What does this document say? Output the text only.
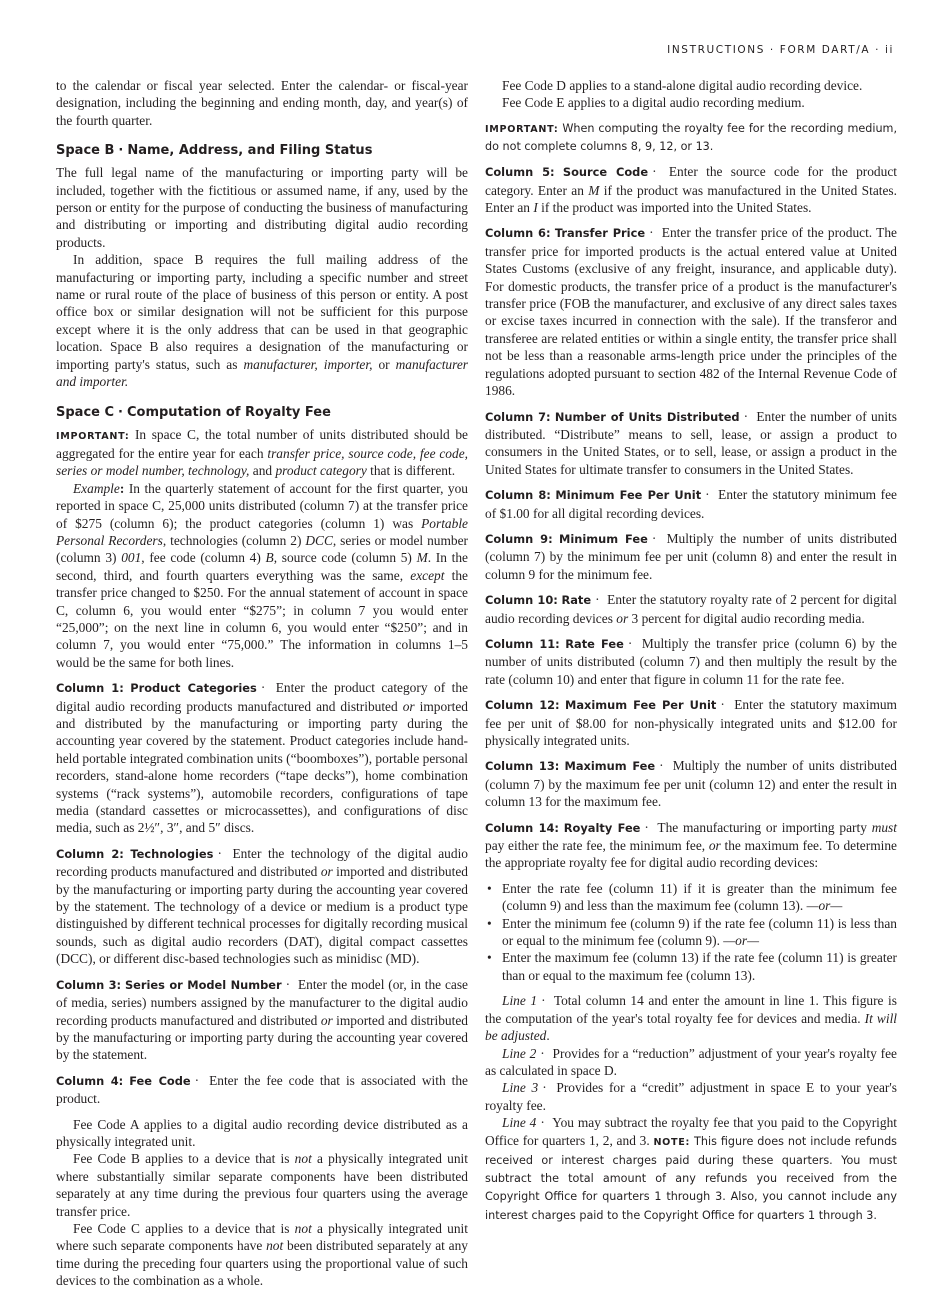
INSTRUCTIONS · FORM DART/A · ii

to the calendar or fiscal year selected. Enter the calendar- or fiscal-year designation, including the beginning and ending month, day, and year(s) of the fourth quarter.

Space B · Name, Address, and Filing Status

The full legal name of the manufacturing or importing party will be included, together with the fictitious or assumed name, if any, used by the person or entity for the purpose of conducting the business of manufacturing and distributing or importing and distributing digital audio recording products.

In addition, space B requires the full mailing address of the manufacturing or importing party, including a specific number and street name or rural route of the place of business of this person or entity. A post office box or similar designation will not be sufficient for this purpose except where it is the only address that can be used in that geographic location. Space B also requires a designation of the manufacturing or importing party's status, such as manufacturer, importer, or manufacturer and importer.

Space C · Computation of Royalty Fee

IMPORTANT: In space C, the total number of units distributed should be aggregated for the entire year for each transfer price, source code, fee code, series or model number, technology, and product category that is different.

Example: In the quarterly statement of account for the first quarter, you reported in space C, 25,000 units distributed (column 7) at the transfer price of $275 (column 6); the product categories (column 1) was Portable Personal Recorders, technologies (column 2) DCC, series or model number (column 3) 001, fee code (column 4) B, source code (column 5) M. In the second, third, and fourth quarters everything was the same, except the transfer price changed to $250. For the annual statement of account in space C, column 6, you would enter “$275”; in column 7 you would enter “25,000”; on the next line in column 6, you would enter “$250”; and in column 7, you would enter “75,000.” The information in columns 1–5 would be the same for both lines.

Column 1: Product Categories · Enter the product category of the digital audio recording products manufactured and distributed or imported and distributed by the manufacturing or importing party during the accounting year covered by the statement. Product categories include hand-held portable integrated combination units (“boomboxes”), portable personal recorders, stand-alone home recorders (“tape decks”), home combination systems (“rack systems”), automobile recorders, configurations of tape media (standard cassettes or microcassettes), and configurations of disc media, such as 2½″, 3″, and 5″ discs.

Column 2: Technologies · Enter the technology of the digital audio recording products manufactured and distributed or imported and distributed by the manufacturing or importing party during the accounting year covered by the statement. The technology of a device or medium is a product type distinguished by different technical processes for digitally recording musical sounds, such as digital audio recorders (DAT), digital compact cassettes (DCC), or different disc-based technologies such as minidisc (MD).

Column 3: Series or Model Number · Enter the model (or, in the case of media, series) numbers assigned by the manufacturer to the digital audio recording products manufactured and distributed or imported and distributed by the manufacturing or importing party during the accounting year covered by the statement.

Column 4: Fee Code · Enter the fee code that is associated with the product.

Fee Code A applies to a digital audio recording device distributed as a physically integrated unit.

Fee Code B applies to a device that is not a physically integrated unit where substantially similar separate components have been distributed separately at any time during the previous four quarters using the average transfer price.

Fee Code C applies to a device that is not a physically integrated unit where such separate components have not been distributed separately at any time during the preceding four quarters using the proportional value of such devices to the combination as a whole.

Fee Code D applies to a stand-alone digital audio recording device.

Fee Code E applies to a digital audio recording medium.

IMPORTANT: When computing the royalty fee for the recording medium, do not complete columns 8, 9, 12, or 13.

Column 5: Source Code · Enter the source code for the product category. Enter an M if the product was manufactured in the United States. Enter an I if the product was imported into the United States.

Column 6: Transfer Price · Enter the transfer price of the product. The transfer price for imported products is the actual entered value at United States Customs (exclusive of any freight, insurance, and applicable duty). For domestic products, the transfer price of a product is the manufacturer's transfer price (FOB the manufacturer, and exclusive of any direct sales taxes or excise taxes incurred in connection with the sale). If the transferor and transferee are related entities or within a single entity, the transfer price shall not be less than a reasonable arms-length price under the principles of the regulations adopted pursuant to section 482 of the Internal Revenue Code of 1986.

Column 7: Number of Units Distributed · Enter the number of units distributed. “Distribute” means to sell, lease, or assign a product to consumers in the United States, or to sell, lease, or assign a product in the United States for ultimate transfer to consumers in the United States.

Column 8: Minimum Fee Per Unit · Enter the statutory minimum fee of $1.00 for all digital recording devices.

Column 9: Minimum Fee · Multiply the number of units distributed (column 7) by the minimum fee per unit (column 8) and enter the result in column 9 for the minimum fee.

Column 10: Rate · Enter the statutory royalty rate of 2 percent for digital audio recording devices or 3 percent for digital audio recording media.

Column 11: Rate Fee · Multiply the transfer price (column 6) by the number of units distributed (column 7) and then multiply the result by the rate (column 10) and enter that figure in column 11 for the rate fee.

Column 12: Maximum Fee Per Unit · Enter the statutory maximum fee per unit of $8.00 for non-physically integrated units and $12.00 for physically integrated units.

Column 13: Maximum Fee · Multiply the number of units distributed (column 7) by the maximum fee per unit (column 12) and enter the result in column 13 for the maximum fee.

Column 14: Royalty Fee · The manufacturing or importing party must pay either the rate fee, the minimum fee, or the maximum fee. To determine the appropriate royalty fee for digital audio recording devices:

• Enter the rate fee (column 11) if it is greater than the minimum fee (column 9) and less than the maximum fee (column 13). —or—
• Enter the minimum fee (column 9) if the rate fee (column 11) is less than or equal to the minimum fee (column 9). —or—
• Enter the maximum fee (column 13) if the rate fee (column 11) is greater than or equal to the maximum fee (column 13).

Line 1 · Total column 14 and enter the amount in line 1. This figure is the computation of the year's total royalty fee for devices and media. It will be adjusted.

Line 2 · Provides for a “reduction” adjustment of your year's royalty fee as calculated in space D.

Line 3 · Provides for a “credit” adjustment in space E to your year's royalty fee.

Line 4 · You may subtract the royalty fee that you paid to the Copyright Office for quarters 1, 2, and 3. NOTE: This figure does not include refunds received or interest charges paid during these quarters. You must subtract the total amount of any refunds you received from the Copyright Office for quarters 1 through 3. Also, you cannot include any interest charges paid to the Copyright Office for quarters 1 through 3.
